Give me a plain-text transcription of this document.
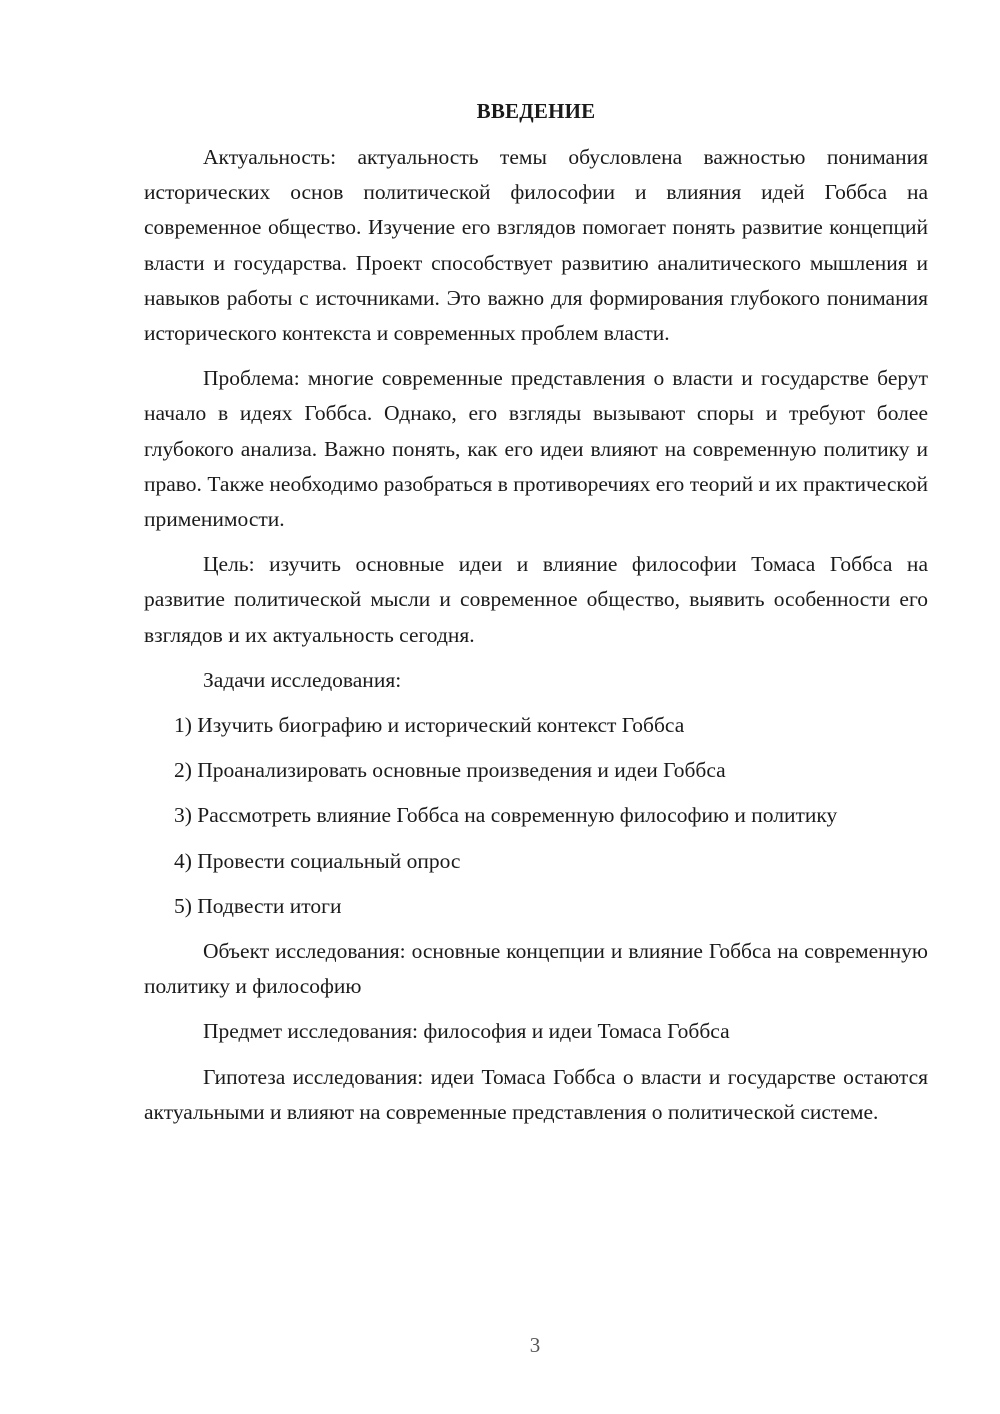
ВВЕДЕНИЕ

Актуальность: актуальность темы обусловлена важностью понимания исторических основ политической философии и влияния идей Гоббса на современное общество. Изучение его взглядов помогает понять развитие концепций власти и государства. Проект способствует развитию аналитического мышления и навыков работы с источниками. Это важно для формирования глубокого понимания исторического контекста и современных проблем власти.

Проблема: многие современные представления о власти и государстве берут начало в идеях Гоббса. Однако, его взгляды вызывают споры и требуют более глубокого анализа. Важно понять, как его идеи влияют на современную политику и право. Также необходимо разобраться в противоречиях его теорий и их практической применимости.

Цель: изучить основные идеи и влияние философии Томаса Гоббса на развитие политической мысли и современное общество, выявить особенности его взглядов и их актуальность сегодня.

Задачи исследования:

1) Изучить биографию и исторический контекст Гоббса

2) Проанализировать основные произведения и идеи Гоббса

3) Рассмотреть влияние Гоббса на современную философию и политику

4) Провести социальный опрос

5) Подвести итоги

Объект исследования: основные концепции и влияние Гоббса на современную политику и философию

Предмет исследования: философия и идеи Томаса Гоббса

Гипотеза исследования: идеи Томаса Гоббса о власти и государстве остаются актуальными и влияют на современные представления о политической системе.

3
